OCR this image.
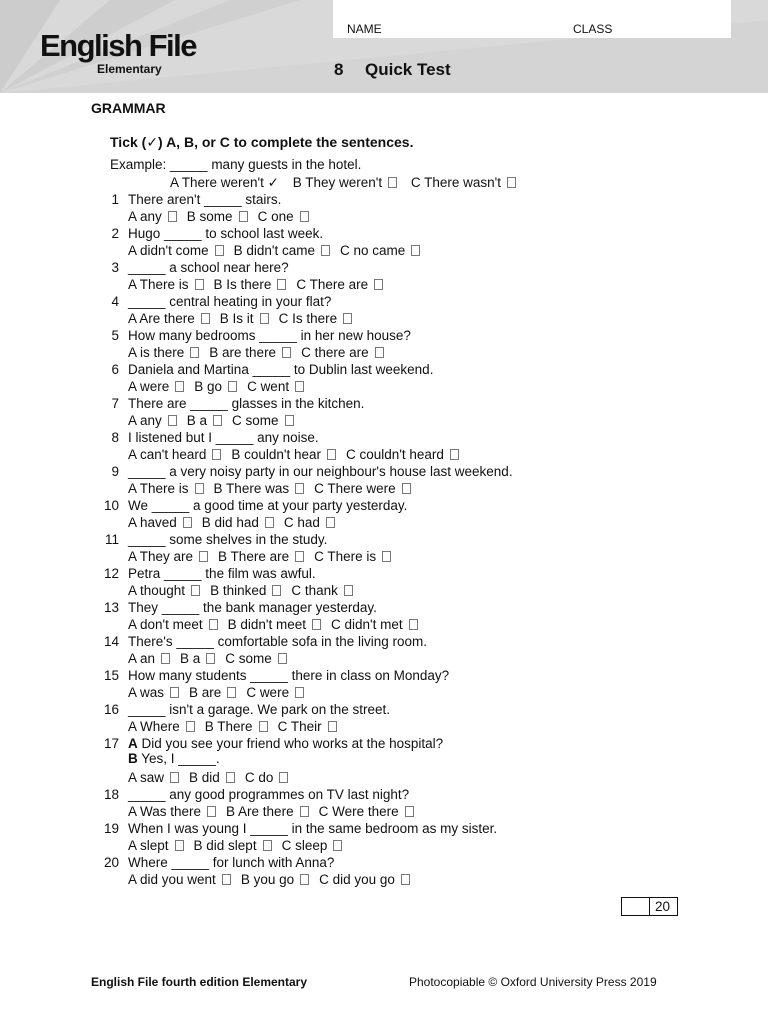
English File
Elementary
NAME	CLASS
8 Quick Test
GRAMMAR
Tick (✓) A, B, or C to complete the sentences.
Example: _____ many guests in the hotel.
A There weren't ✓ B They weren't C There wasn't
1 There aren't _____ stairs.
A any B some C one
2 Hugo _____ to school last week.
A didn't come B didn't came C no came
3 _____ a school near here?
A There is B Is there C There are
4 _____ central heating in your flat?
A Are there B Is it C Is there
5 How many bedrooms _____ in her new house?
A is there B are there C there are
6 Daniela and Martina _____ to Dublin last weekend.
A were B go C went
7 There are _____ glasses in the kitchen.
A any B a C some
8 I listened but I _____ any noise.
A can't heard B couldn't hear C couldn't heard
9 _____ a very noisy party in our neighbour's house last weekend.
A There is B There was C There were
10 We _____ a good time at your party yesterday.
A haved B did had C had
11 _____ some shelves in the study.
A They are B There are C There is
12 Petra _____ the film was awful.
A thought B thinked C thank
13 They _____ the bank manager yesterday.
A don't meet B didn't meet C didn't met
14 There's _____ comfortable sofa in the living room.
A an B a C some
15 How many students _____ there in class on Monday?
A was B are C were
16 _____ isn't a garage. We park on the street.
A Where B There C Their
17 A Did you see your friend who works at the hospital?
B Yes, I _____.
A saw B did C do
18 _____ any good programmes on TV last night?
A Was there B Are there C Were there
19 When I was young I _____ in the same bedroom as my sister.
A slept B did slept C sleep
20 Where _____ for lunch with Anna?
A did you went B you go C did you go
20
English File fourth edition Elementary	Photocopiable © Oxford University Press 2019
